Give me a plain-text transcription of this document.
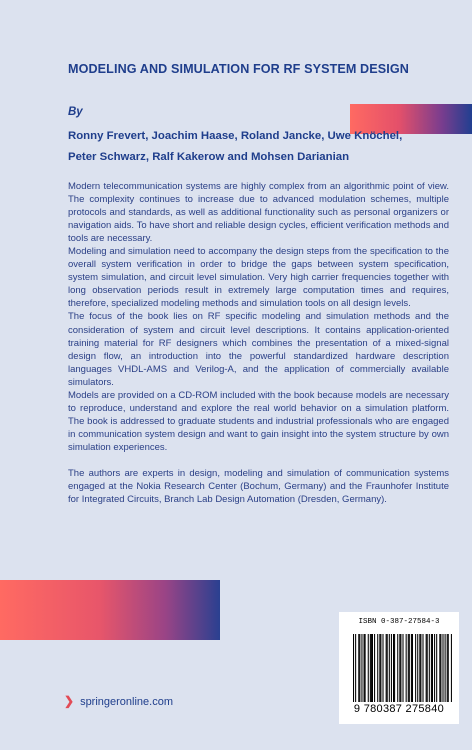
MODELING AND SIMULATION FOR RF SYSTEM DESIGN
By
Ronny Frevert, Joachim Haase, Roland Jancke, Uwe Knöchel,
Peter Schwarz, Ralf Kakerow and Mohsen Darianian

Modern telecommunication systems are highly complex from an algorithmic point of view. The complexity continues to increase due to advanced modulation schemes, multiple protocols and standards, as well as additional functionality such as personal organizers or navigation aids. To have short and reliable design cycles, efficient verification methods and tools are necessary.

Modeling and simulation need to accompany the design steps from the specification to the overall system verification in order to bridge the gaps between system specification, system simulation, and circuit level simulation. Very high carrier frequencies together with long observation periods result in extremely large computation times and requires, therefore, specialized modeling methods and simulation tools on all design levels.

The focus of the book lies on RF specific modeling and simulation methods and the consideration of system and circuit level descriptions. It contains application-oriented training material for RF designers which combines the presentation of a mixed-signal design flow, an introduction into the powerful standardized hardware description languages VHDL-AMS and Verilog-A, and the application of commercially available simulators.

Models are provided on a CD-ROM included with the book because models are necessary to reproduce, understand and explore the real world behavior on a simulation platform. The book is addressed to graduate students and industrial professionals who are engaged in communication system design and want to gain insight into the system structure by own simulation experiences.

The authors are experts in design, modeling and simulation of communication systems engaged at the Nokia Research Center (Bochum, Germany) and the Fraunhofer Institute for Integrated Circuits, Branch Lab Design Automation (Dresden, Germany).

ISBN 0-387-27584-3
9 780387 275840
❯ springeronline.com
